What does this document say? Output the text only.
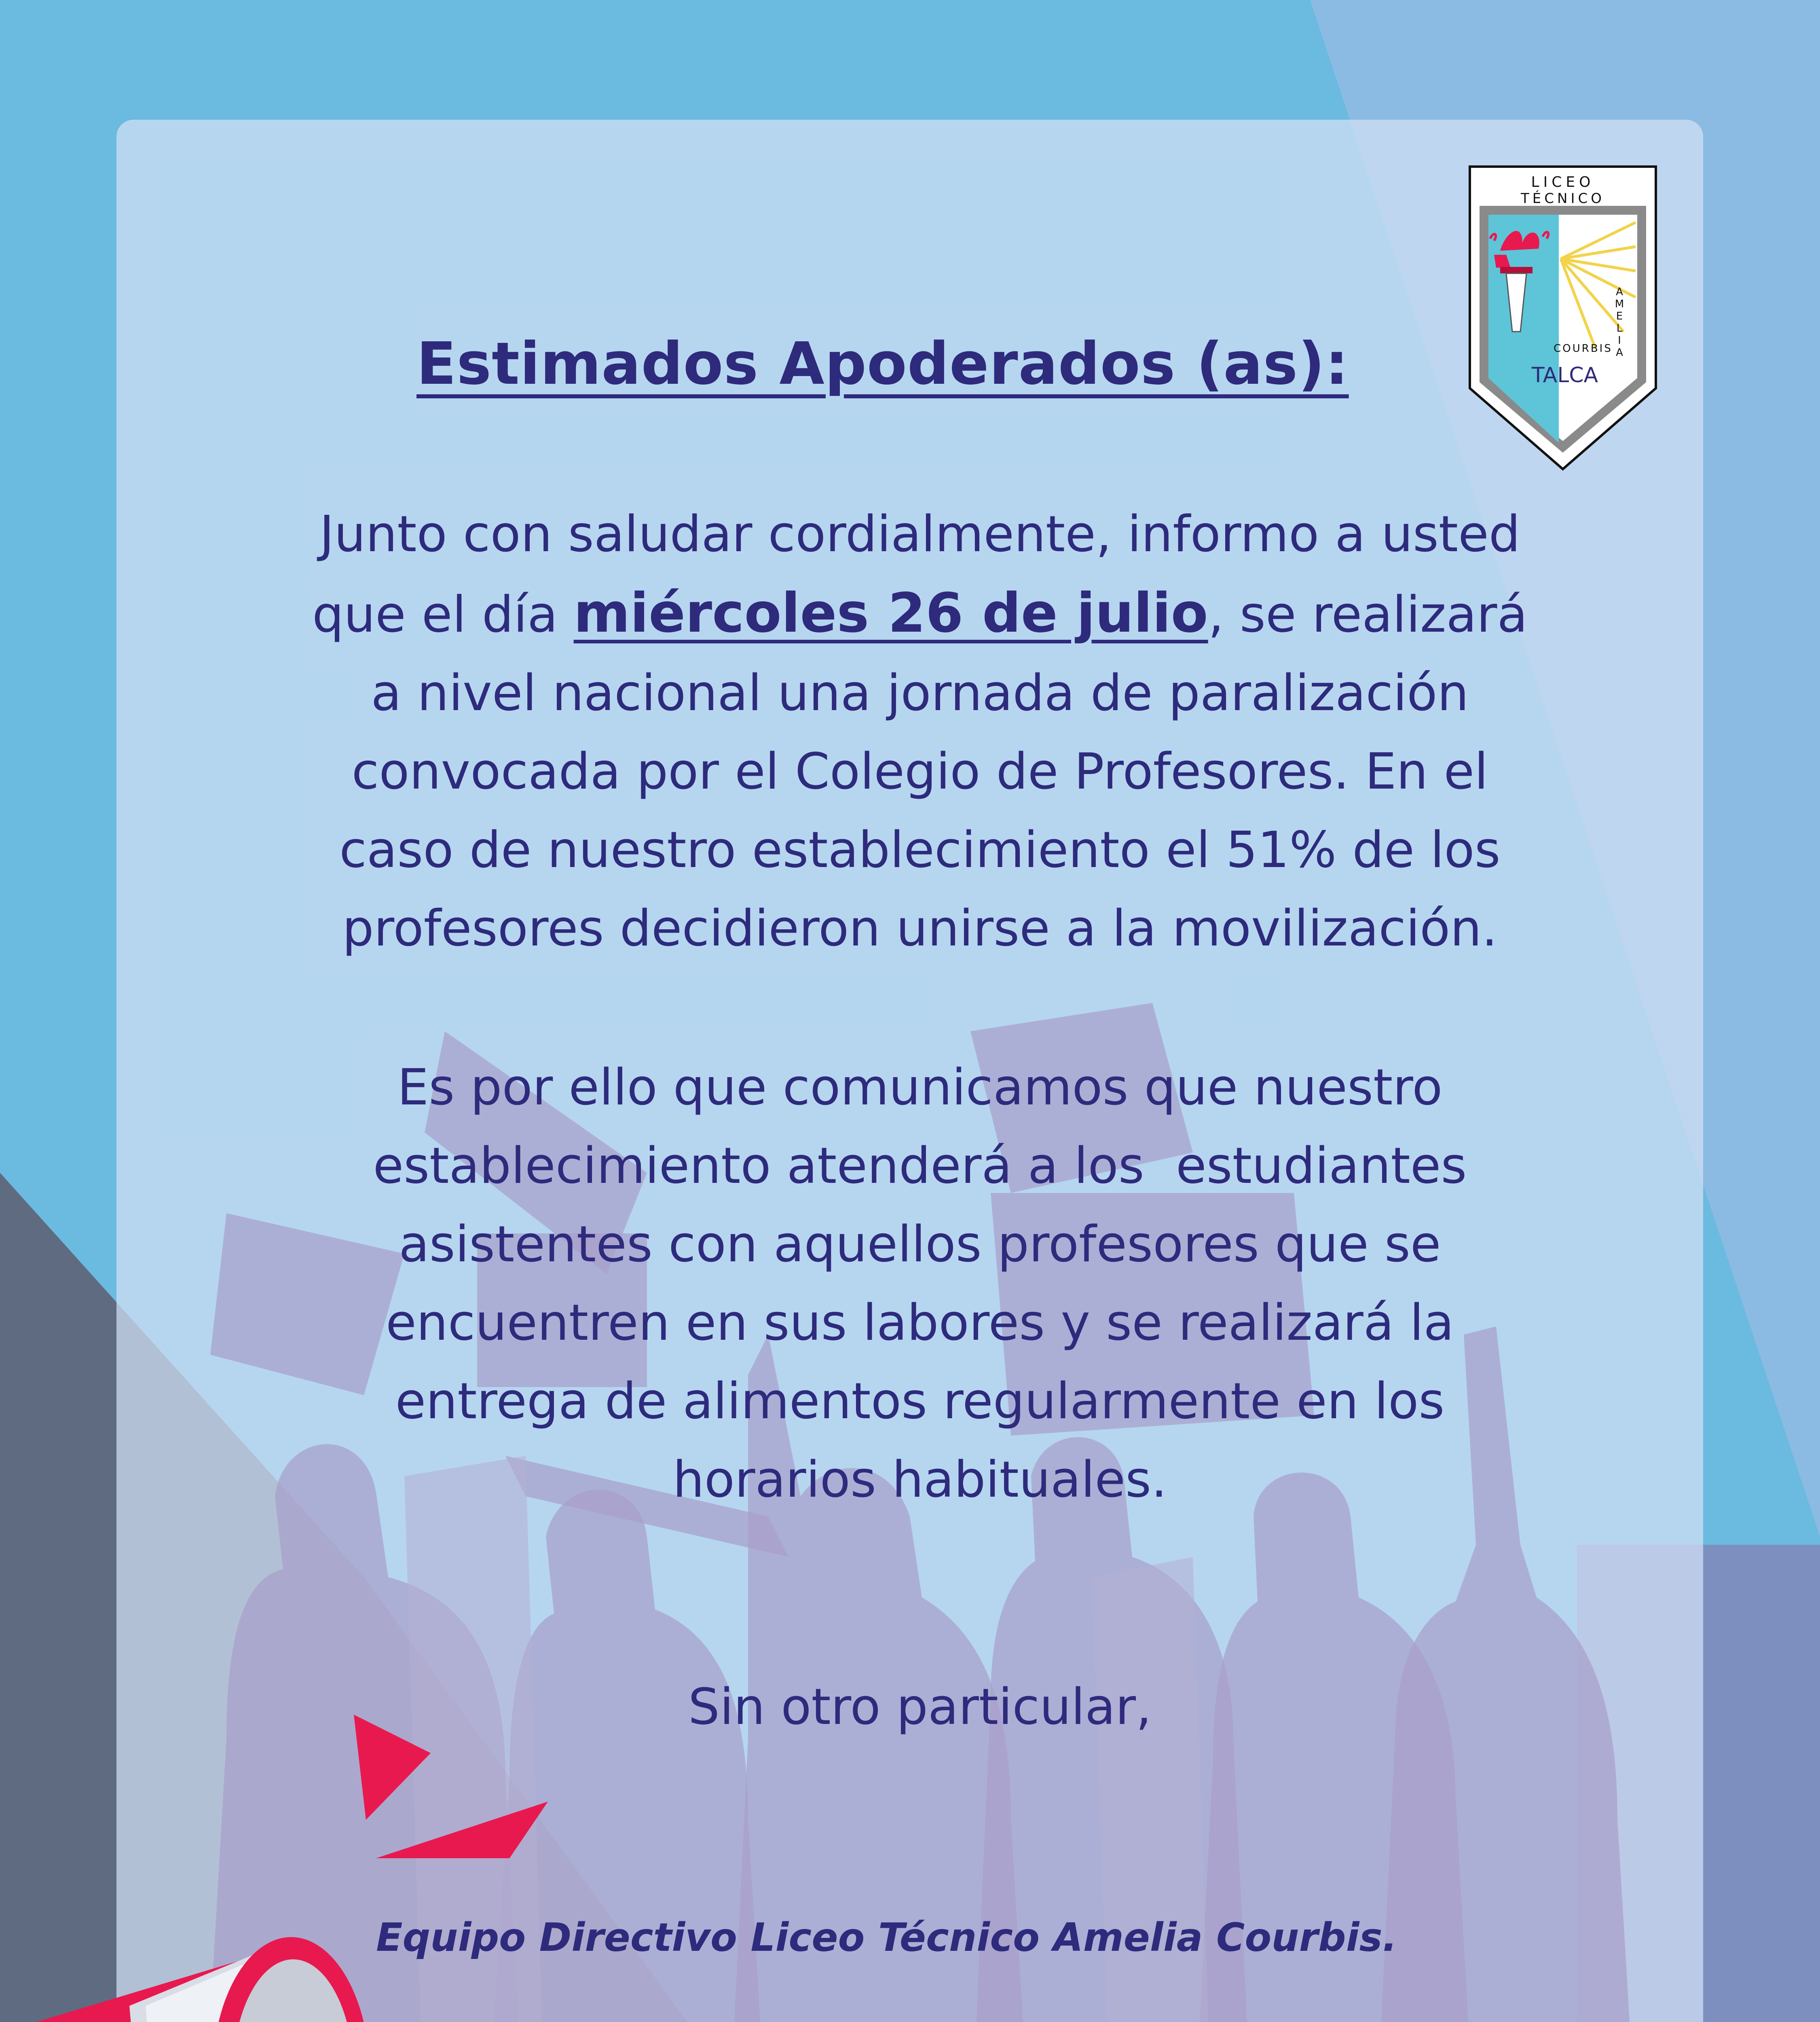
LICEO
TÉCNICO
A
M
E
L
I
A
COURBIS
TALCA
Estimados Apoderados (as):
Junto con saludar cordialmente, informo a usted
que el día miércoles 26 de julio, se realizará
a nivel nacional una jornada de paralización
convocada por el Colegio de Profesores. En el
caso de nuestro establecimiento el 51% de los
profesores decidieron unirse a la movilización.
Es por ello que comunicamos que nuestro
establecimiento atenderá a los  estudiantes
asistentes con aquellos profesores que se
encuentren en sus labores y se realizará la
entrega de alimentos regularmente en los
horarios habituales.
Sin otro particular,
Equipo Directivo Liceo Técnico Amelia Courbis.
